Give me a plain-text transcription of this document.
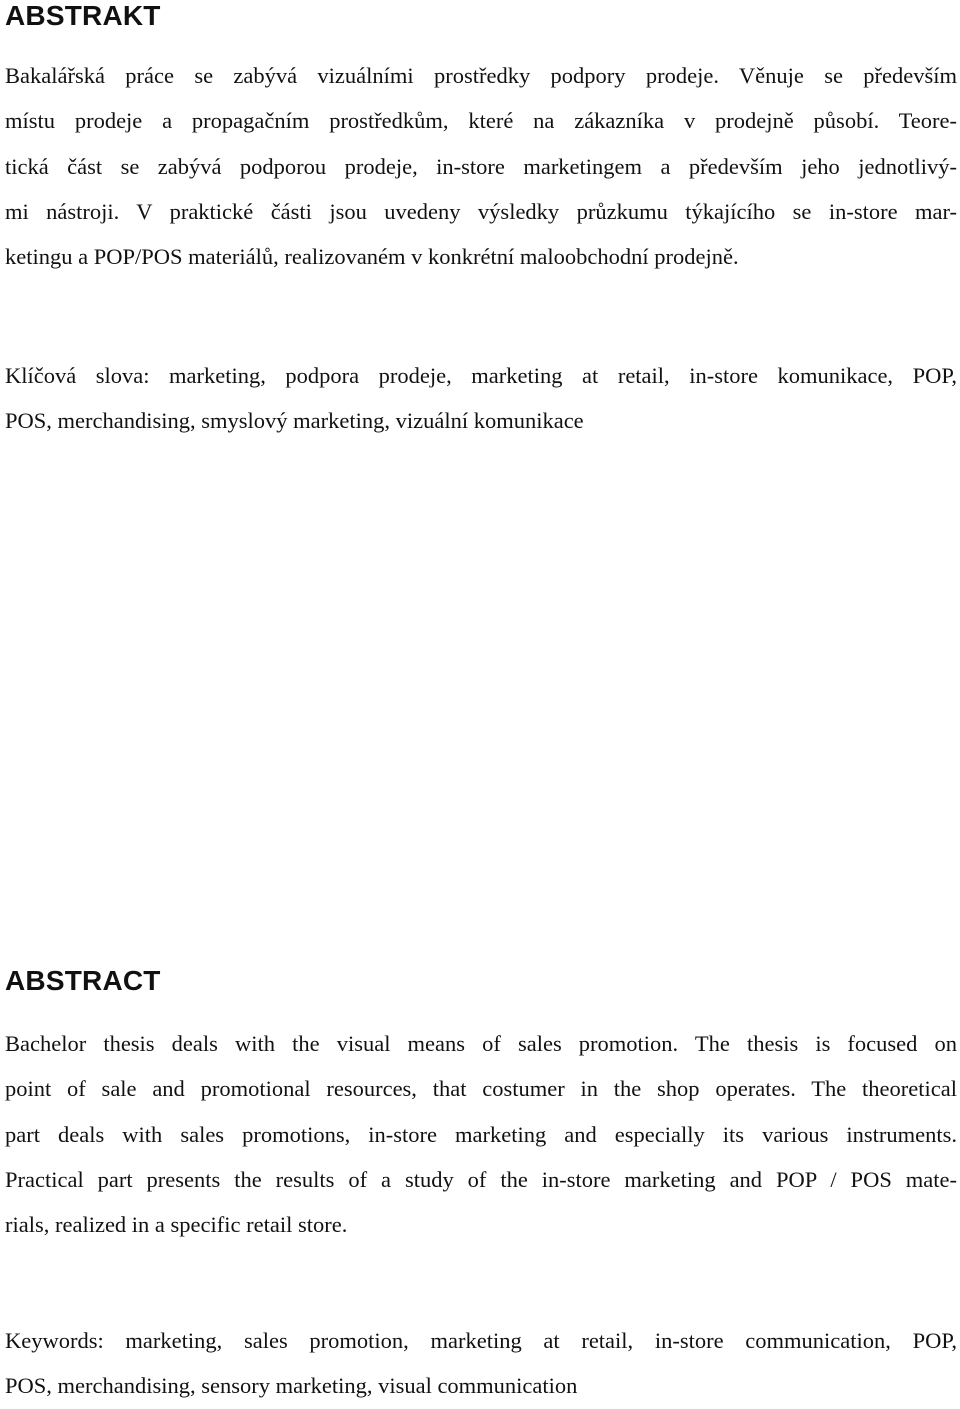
ABSTRAKT

Bakalářská práce se zabývá vizuálními prostředky podpory prodeje. Věnuje se především
místu prodeje a propagačním prostředkům, které na zákazníka v prodejně působí. Teore-
tická část se zabývá podporou prodeje, in-store marketingem a především jeho jednotlivý-
mi nástroji. V praktické části jsou uvedeny výsledky průzkumu týkajícího se in-store mar-
ketingu a POP/POS materiálů, realizovaném v konkrétní maloobchodní prodejně.

Klíčová slova: marketing, podpora prodeje, marketing at retail, in-store komunikace, POP,
POS, merchandising, smyslový marketing, vizuální komunikace

ABSTRACT

Bachelor thesis deals with the visual means of sales promotion. The thesis is focused on
point of sale and promotional resources, that costumer in the shop operates. The theoretical
part deals with sales promotions, in-store marketing and especially its various instruments.
Practical part presents the results of a study of the in-store marketing and POP / POS mate-
rials, realized in a specific retail store.

Keywords: marketing, sales promotion, marketing at retail, in-store communication, POP,
POS, merchandising, sensory marketing, visual communication
